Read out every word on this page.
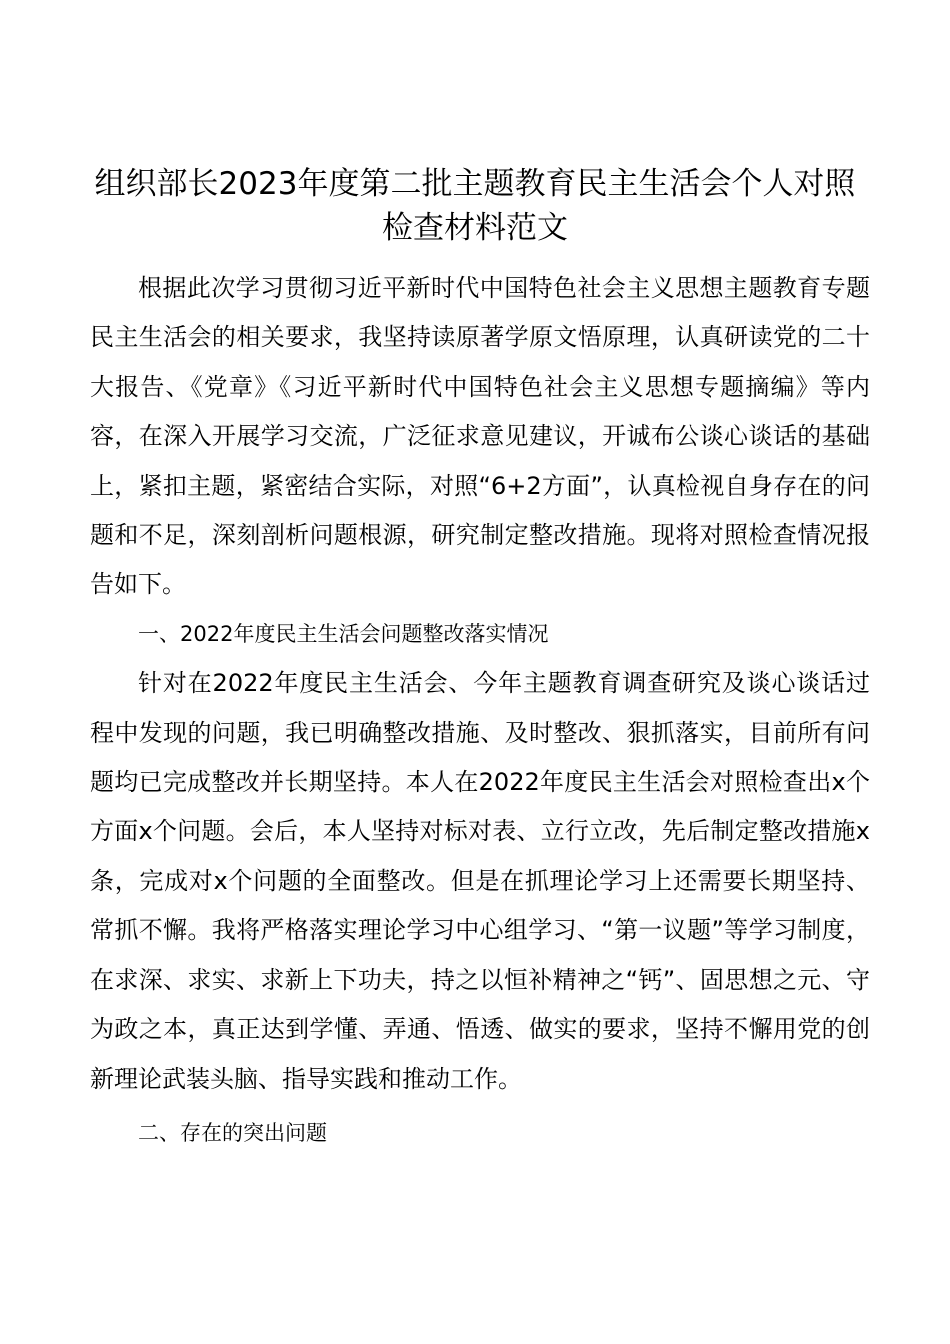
组织部长2023年度第二批主题教育民主生活会个人对照检查材料范文

根据此次学习贯彻习近平新时代中国特色社会主义思想主题教育专题民主生活会的相关要求，我坚持读原著学原文悟原理，认真研读党的二十大报告、《党章》《习近平新时代中国特色社会主义思想专题摘编》等内容，在深入开展学习交流，广泛征求意见建议，开诚布公谈心谈话的基础上，紧扣主题，紧密结合实际，对照“6+2方面”，认真检视自身存在的问题和不足，深刻剖析问题根源，研究制定整改措施。现将对照检查情况报告如下。

一、2022年度民主生活会问题整改落实情况

针对在2022年度民主生活会、今年主题教育调查研究及谈心谈话过程中发现的问题，我已明确整改措施、及时整改、狠抓落实，目前所有问题均已完成整改并长期坚持。本人在2022年度民主生活会对照检查出x个方面x个问题。会后，本人坚持对标对表、立行立改，先后制定整改措施x条，完成对x个问题的全面整改。但是在抓理论学习上还需要长期坚持、常抓不懈。我将严格落实理论学习中心组学习、“第一议题”等学习制度，在求深、求实、求新上下功夫，持之以恒补精神之“钙”、固思想之元、守为政之本，真正达到学懂、弄通、悟透、做实的要求，坚持不懈用党的创新理论武装头脑、指导实践和推动工作。

二、存在的突出问题
